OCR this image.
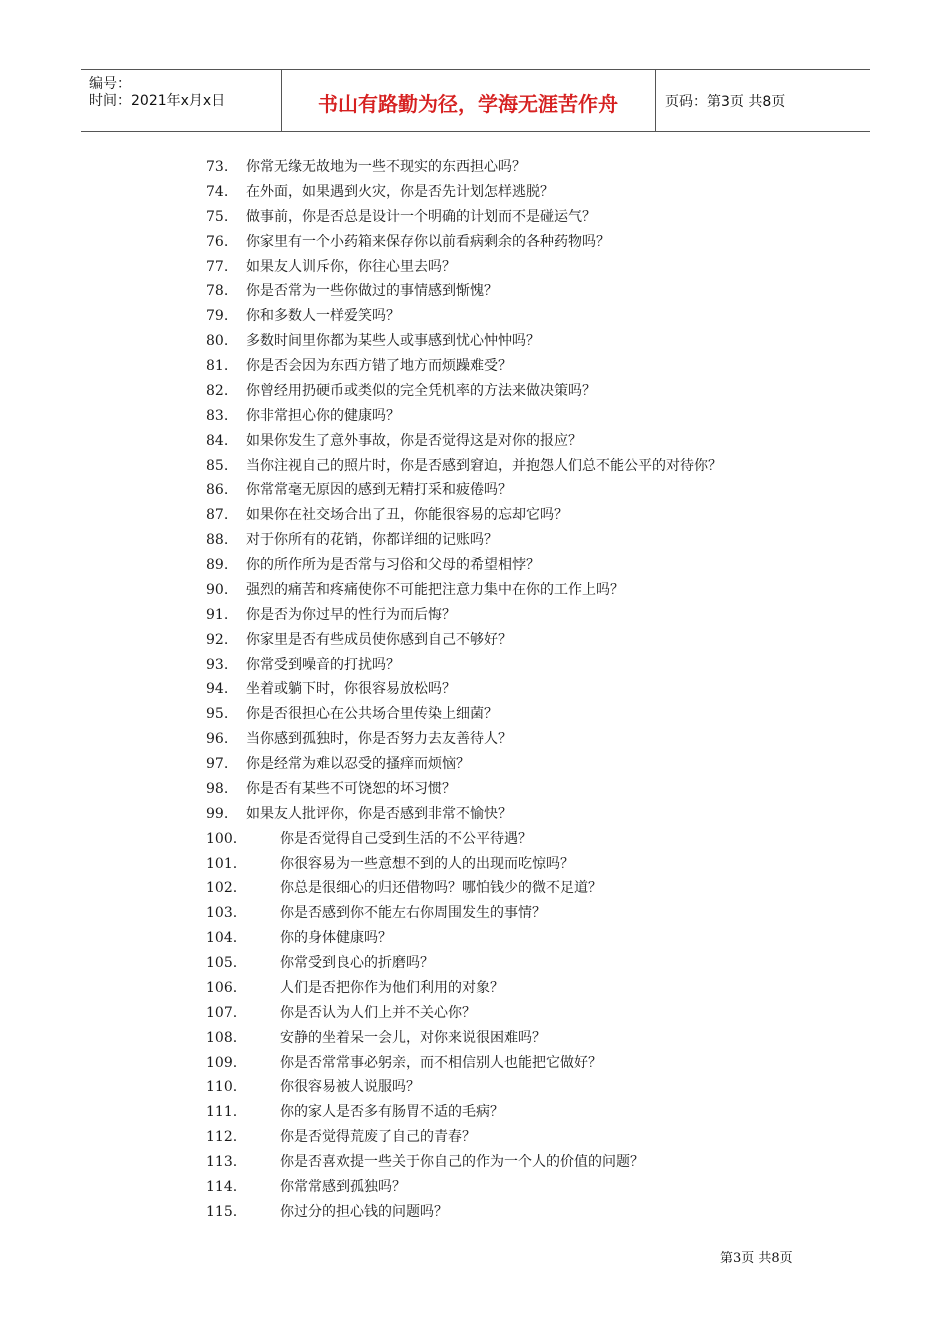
编号：
时间：2021年x月x日	书山有路勤为径，学海无涯苦作舟	页码：第3页 共8页
73. 你常无缘无故地为一些不现实的东西担心吗？
74. 在外面，如果遇到火灾，你是否先计划怎样逃脱？
75. 做事前，你是否总是设计一个明确的计划而不是碰运气？
76. 你家里有一个小药箱来保存你以前看病剩余的各种药物吗？
77. 如果友人训斥你，你往心里去吗？
78. 你是否常为一些你做过的事情感到惭愧？
79. 你和多数人一样爱笑吗？
80. 多数时间里你都为某些人或事感到忧心忡忡吗？
81. 你是否会因为东西方错了地方而烦躁难受？
82. 你曾经用扔硬币或类似的完全凭机率的方法来做决策吗？
83. 你非常担心你的健康吗？
84. 如果你发生了意外事故，你是否觉得这是对你的报应？
85. 当你注视自己的照片时，你是否感到窘迫，并抱怨人们总不能公平的对待你？
86. 你常常毫无原因的感到无精打采和疲倦吗？
87. 如果你在社交场合出了丑，你能很容易的忘却它吗？
88. 对于你所有的花销，你都详细的记账吗？
89. 你的所作所为是否常与习俗和父母的希望相悖？
90. 强烈的痛苦和疼痛使你不可能把注意力集中在你的工作上吗？
91. 你是否为你过早的性行为而后悔？
92. 你家里是否有些成员使你感到自己不够好？
93. 你常受到噪音的打扰吗？
94. 坐着或躺下时，你很容易放松吗？
95. 你是否很担心在公共场合里传染上细菌？
96. 当你感到孤独时，你是否努力去友善待人？
97. 你是经常为难以忍受的搔痒而烦恼？
98. 你是否有某些不可饶恕的坏习惯？
99. 如果友人批评你，你是否感到非常不愉快？
100.	你是否觉得自己受到生活的不公平待遇？
101.	你很容易为一些意想不到的人的出现而吃惊吗？
102.	你总是很细心的归还借物吗？哪怕钱少的微不足道？
103.	你是否感到你不能左右你周围发生的事情？
104.	你的身体健康吗？
105.	你常受到良心的折磨吗？
106.	人们是否把你作为他们利用的对象？
107.	你是否认为人们上并不关心你？
108.	安静的坐着呆一会儿，对你来说很困难吗？
109.	你是否常常事必躬亲，而不相信别人也能把它做好？
110.	你很容易被人说服吗？
111.	你的家人是否多有肠胃不适的毛病？
112.	你是否觉得荒废了自己的青春？
113.	你是否喜欢提一些关于你自己的作为一个人的价值的问题？
114.	你常常感到孤独吗？
115.	你过分的担心钱的问题吗？
第3页 共8页
